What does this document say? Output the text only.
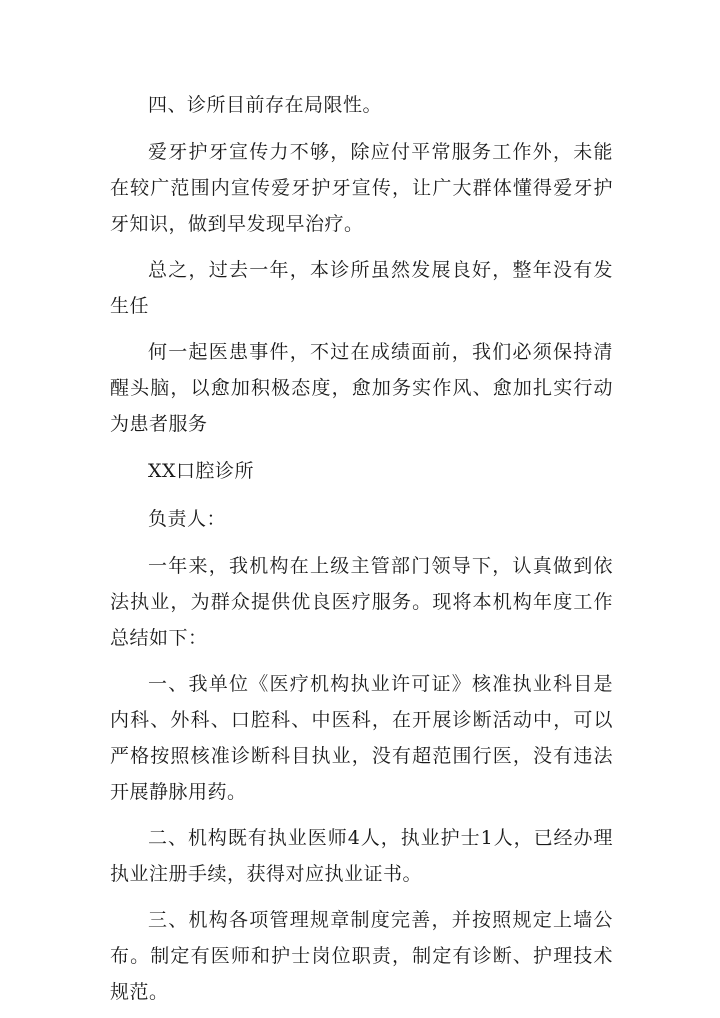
四、诊所目前存在局限性。

爱牙护牙宣传力不够，除应付平常服务工作外，未能在较广范围内宣传爱牙护牙宣传，让广大群体懂得爱牙护牙知识，做到早发现早治疗。

总之，过去一年，本诊所虽然发展良好，整年没有发生任

何一起医患事件，不过在成绩面前，我们必须保持清醒头脑，以愈加积极态度，愈加务实作风、愈加扎实行动为患者服务

XX口腔诊所

负责人：

一年来，我机构在上级主管部门领导下，认真做到依法执业，为群众提供优良医疗服务。现将本机构年度工作总结如下：

一、我单位《医疗机构执业许可证》核准执业科目是内科、外科、口腔科、中医科，在开展诊断活动中，可以严格按照核准诊断科目执业，没有超范围行医，没有违法开展静脉用药。

二、机构既有执业医师4人，执业护士1人，已经办理执业注册手续，获得对应执业证书。

三、机构各项管理规章制度完善，并按照规定上墙公布。制定有医师和护士岗位职责，制定有诊断、护理技术规范。
